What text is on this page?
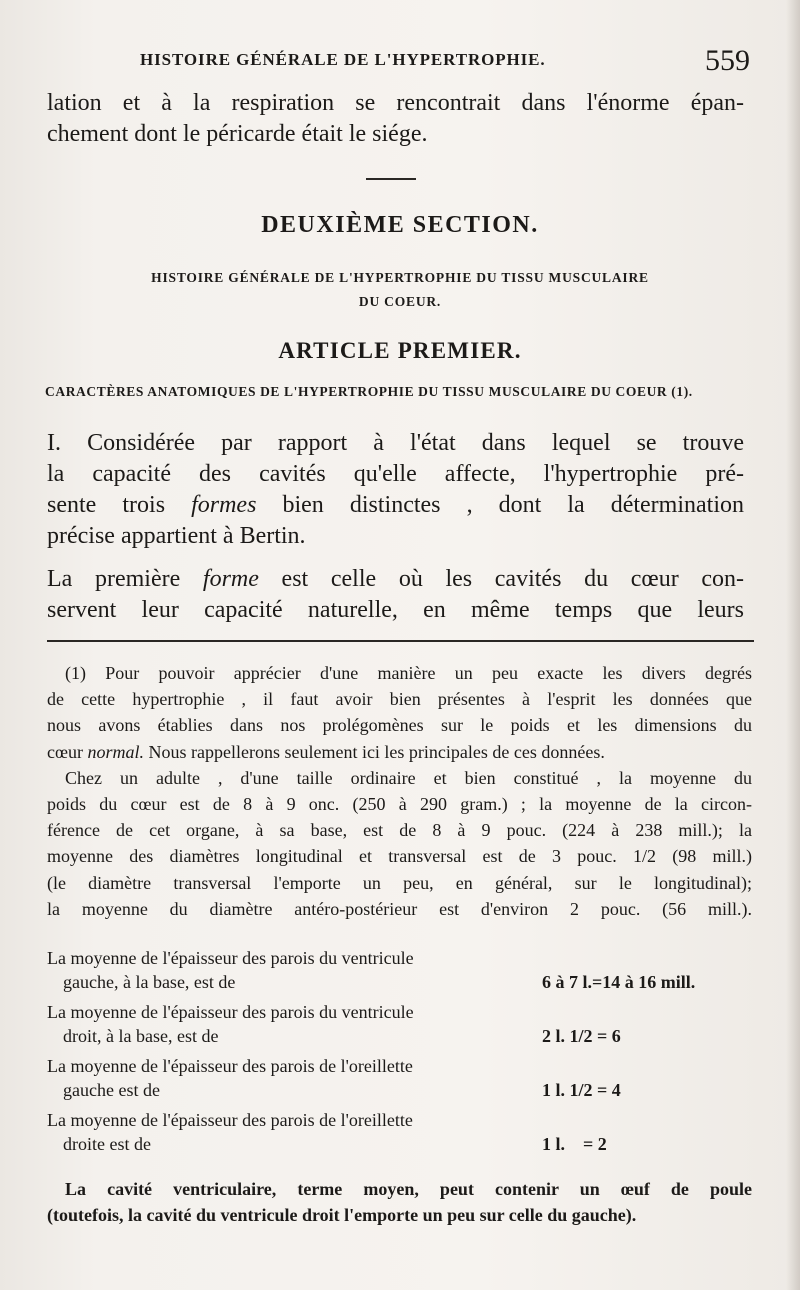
HISTOIRE GÉNÉRALE DE L'HYPERTROPHIE.	559
lation et à la respiration se rencontrait dans l'énorme épan-
chement dont le péricarde était le siége.
DEUXIÈME SECTION.
HISTOIRE GÉNÉRALE DE L'HYPERTROPHIE DU TISSU MUSCULAIRE
DU COEUR.
ARTICLE PREMIER.
CARACTÈRES ANATOMIQUES DE L'HYPERTROPHIE DU TISSU MUSCULAIRE DU COEUR (1).
I. Considérée par rapport à l'état dans lequel se trouve
la capacité des cavités qu'elle affecte, l'hypertrophie pré-
sente trois formes bien distinctes , dont la détermination
précise appartient à Bertin.
La première forme est celle où les cavités du cœur con-
servent leur capacité naturelle, en même temps que leurs
(1) Pour pouvoir apprécier d'une manière un peu exacte les divers degrés
de cette hypertrophie , il faut avoir bien présentes à l'esprit les données que
nous avons établies dans nos prolégomènes sur le poids et les dimensions du
cœur normal. Nous rappellerons seulement ici les principales de ces données.
Chez un adulte , d'une taille ordinaire et bien constitué , la moyenne du
poids du cœur est de 8 à 9 onc. (250 à 290 gram.) ; la moyenne de la circon-
férence de cet organe, à sa base, est de 8 à 9 pouc. (224 à 238 mill.); la
moyenne des diamètres longitudinal et transversal est de 3 pouc. 1/2 (98 mill.)
(le diamètre transversal l'emporte un peu, en général, sur le longitudinal);
la moyenne du diamètre antéro-postérieur est d'environ 2 pouc. (56 mill.).
La moyenne de l'épaisseur des parois du ventricule
gauche, à la base, est de	6 à 7 l.=14 à 16 mill.
La moyenne de l'épaisseur des parois du ventricule
droit, à la base, est de	2 l. 1/2 = 6
La moyenne de l'épaisseur des parois de l'oreillette
gauche est de	1 l. 1/2 = 4
La moyenne de l'épaisseur des parois de l'oreillette
droite est de	1 l.    = 2
La cavité ventriculaire, terme moyen, peut contenir un œuf de poule
(toutefois, la cavité du ventricule droit l'emporte un peu sur celle du gauche).
